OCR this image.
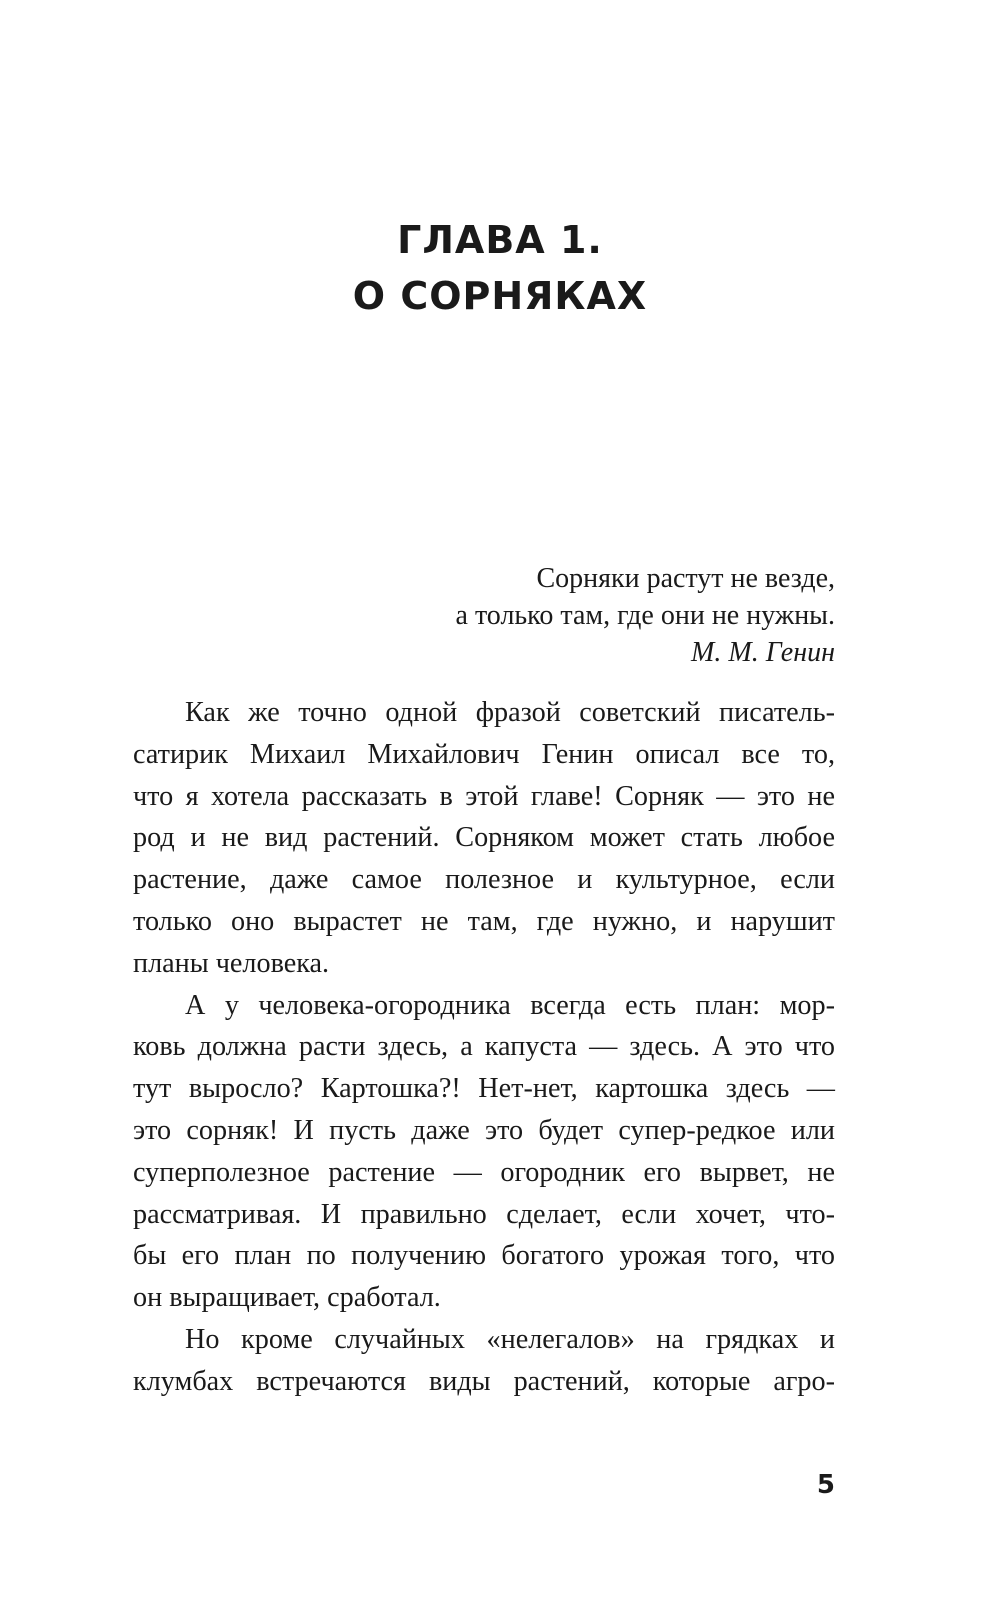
ГЛАВА 1.
О СОРНЯКАХ
Сорняки растут не везде,
а только там, где они не нужны.
М. М. Генин
Как же точно одной фразой советский писатель-
сатирик Михаил Михайлович Генин описал все то,
что я хотела рассказать в этой главе! Сорняк — это не
род и не вид растений. Сорняком может стать любое
растение, даже самое полезное и культурное, если
только оно вырастет не там, где нужно, и нарушит
планы человека.
А у человека-огородника всегда есть план: мор-
ковь должна расти здесь, а капуста — здесь. А это что
тут выросло? Картошка?! Нет-нет, картошка здесь —
это сорняк! И пусть даже это будет супер-редкое или
суперполезное растение — огородник его вырвет, не
рассматривая. И правильно сделает, если хочет, что-
бы его план по получению богатого урожая того, что
он выращивает, сработал.
Но кроме случайных «нелегалов» на грядках и
клумбах встречаются виды растений, которые агро-
5
